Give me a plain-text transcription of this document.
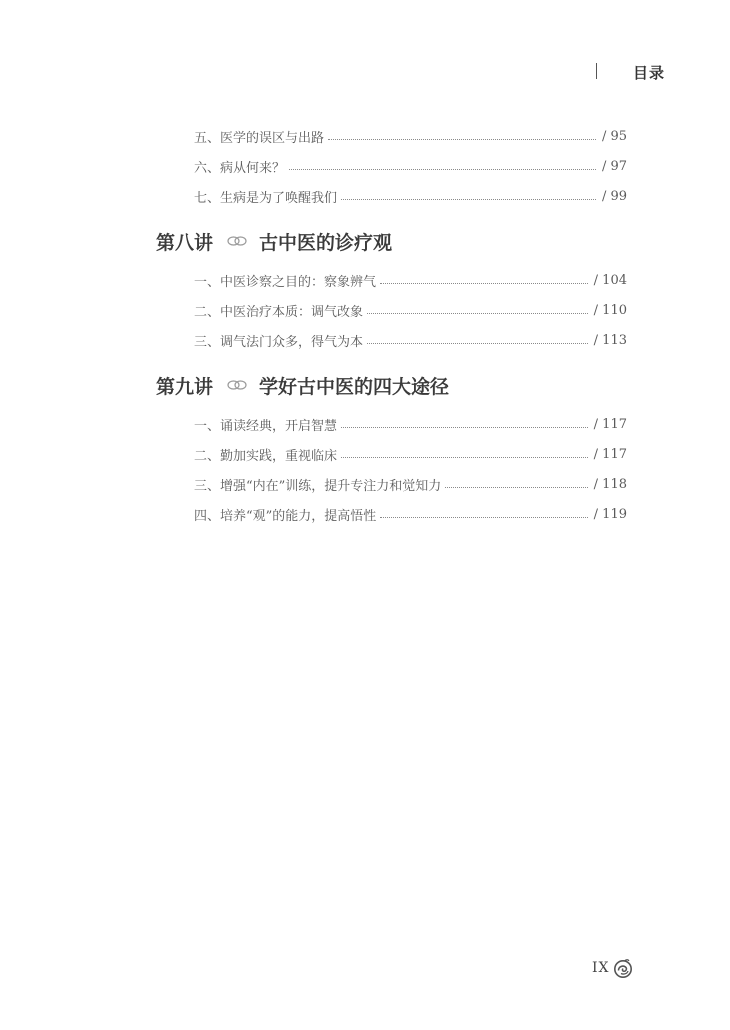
目录
五、医学的误区与出路	/ 95
六、病从何来？	/ 97
七、生病是为了唤醒我们	/ 99
第八讲 古中医的诊疗观
一、中医诊察之目的：察象辨气	/ 104
二、中医治疗本质：调气改象	/ 110
三、调气法门众多，得气为本	/ 113
第九讲 学好古中医的四大途径
一、诵读经典，开启智慧	/ 117
二、勤加实践，重视临床	/ 117
三、增强“内在”训练，提升专注力和觉知力	/ 118
四、培养“观”的能力，提高悟性	/ 119
IX
